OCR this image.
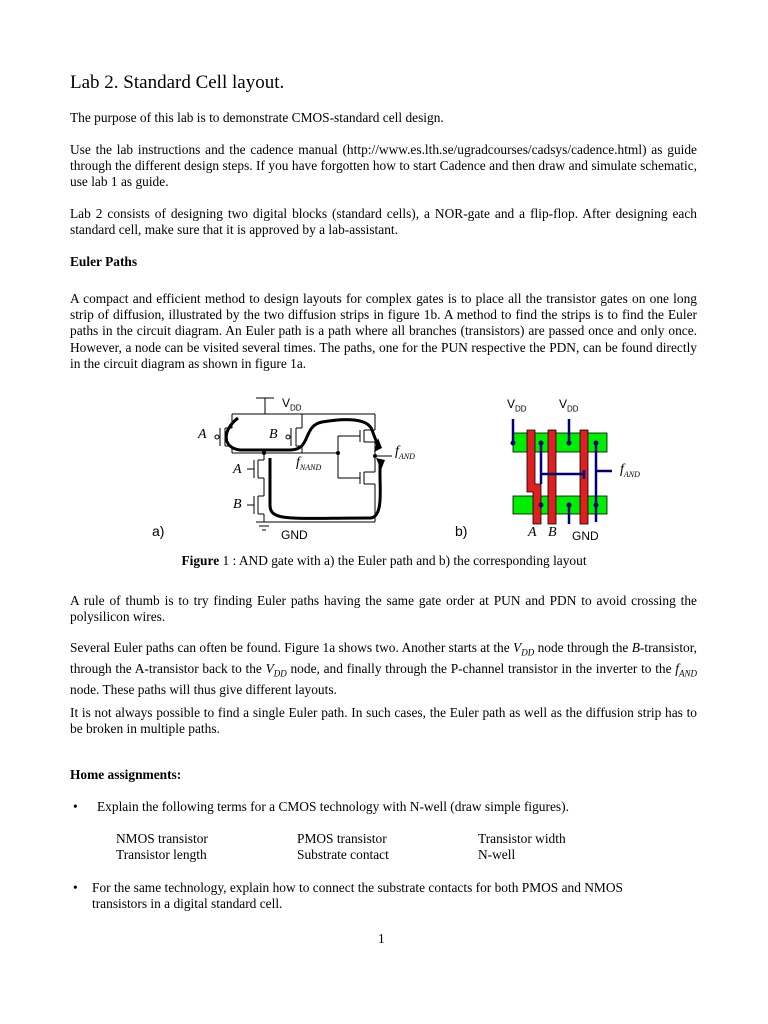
Lab 2. Standard Cell layout.
The purpose of this lab is to demonstrate CMOS-standard cell design.
Use the lab instructions and the cadence manual (http://www.es.lth.se/ugradcourses/cadsys/cadence.html) as guide through the different design steps. If you have forgotten how to start Cadence and then draw and simulate schematic, use lab 1 as guide.
Lab 2 consists of designing two digital blocks (standard cells), a NOR-gate and a flip-flop. After designing each standard cell, make sure that it is approved by a lab-assistant.
Euler Paths
A compact and efficient method to design layouts for complex gates is to place all the transistor gates on one long strip of diffusion, illustrated by the two diffusion strips in figure 1b. A method to find the strips is to find the Euler paths in the circuit diagram. An Euler path is a path where all branches (transistors) are passed once and only once. However, a node can be visited several times. The paths, one for the PUN respective the PDN, can be found directly in the circuit diagram as shown in figure 1a.
$V_{DD}$
A	B
A
B
$f_{NAND}$
$f_{AND}$
GND
a)	b)
$V_{DD}$	$V_{DD}$
$f_{AND}$
A B GND
Figure 1 : AND gate with a) the Euler path and b) the corresponding layout
A rule of thumb is to try finding Euler paths having the same gate order at PUN and PDN to avoid crossing the polysilicon wires.
Several Euler paths can often be found. Figure 1a shows two. Another starts at the $V_{DD}$ node through the B-transistor, through the A-transistor back to the $V_{DD}$ node, and finally through the P-channel transistor in the inverter to the $f_{AND}$ node. These paths will thus give different layouts.
It is not always possible to find a single Euler path. In such cases, the Euler path as well as the diffusion strip has to be broken in multiple paths.
Home assignments:
• Explain the following terms for a CMOS technology with N-well (draw simple figures).
NMOS transistor	PMOS transistor	Transistor width
Transistor length	Substrate contact	N-well
• For the same technology, explain how to connect the substrate contacts for both PMOS and NMOS transistors in a digital standard cell.
1
